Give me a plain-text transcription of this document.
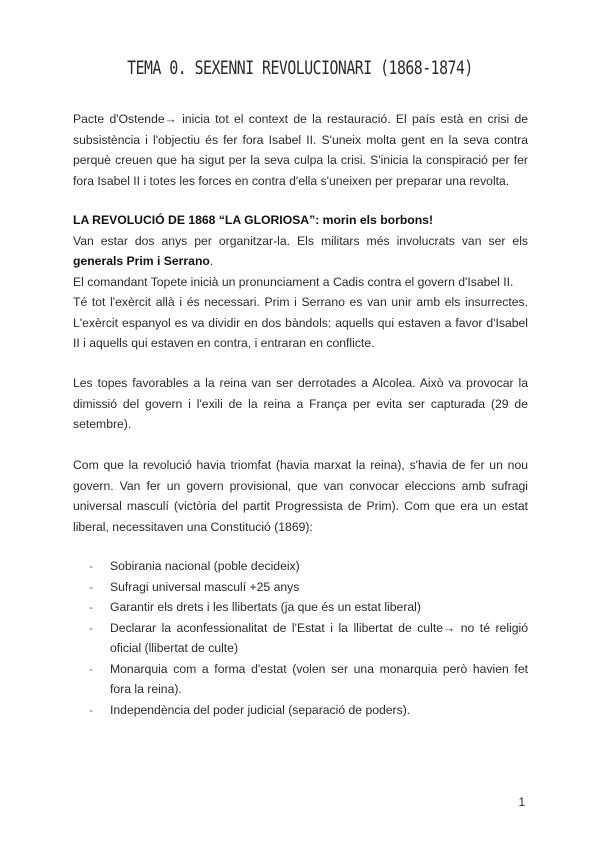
TEMA 0. SEXENNI REVOLUCIONARI (1868-1874)
Pacte d'Ostende→ inicia tot el context de la restauració. El país està en crisi de
subsistència i l'objectiu és fer fora Isabel II. S'uneix molta gent en la seva contra
perquè creuen que ha sigut per la seva culpa la crisi. S'inicia la conspiració per fer
fora Isabel II i totes les forces en contra d'ella s'uneixen per preparar una revolta.
LA REVOLUCIÓ DE 1868 “LA GLORIOSA”: morin els borbons!
Van estar dos anys per organitzar-la. Els militars més involucrats van ser els
generals Prim i Serrano.
El comandant Topete inicià un pronunciament a Cadis contra el govern d'Isabel II.
Té tot l'exèrcit allà i és necessari. Prim i Serrano es van unir amb els insurrectes.
L'exèrcit espanyol es va dividir en dos bàndols: aquells qui estaven a favor d'Isabel
II i aquells qui estaven en contra, i entraran en conflicte.
Les topes favorables a la reina van ser derrotades a Alcolea. Això va provocar la
dimissió del govern i l'exili de la reina a França per evita ser capturada (29 de
setembre).
Com que la revolució havia triomfat (havia marxat la reina), s'havia de fer un nou
govern. Van fer un govern provisional, que van convocar eleccions amb sufragi
universal masculí (victòria del partit Progressista de Prim). Com que era un estat
liberal, necessitaven una Constitució (1869):
- Sobirania nacional (poble decideix)
- Sufragi universal masculí +25 anys
- Garantir els drets i les llibertats (ja que és un estat liberal)
- Declarar la aconfessionalitat de l'Estat i la llibertat de culte→ no té religió
oficial (llibertat de culte)
- Monarquia com a forma d'estat (volen ser una monarquia però havien fet
fora la reina).
- Independència del poder judicial (separació de poders).
1
